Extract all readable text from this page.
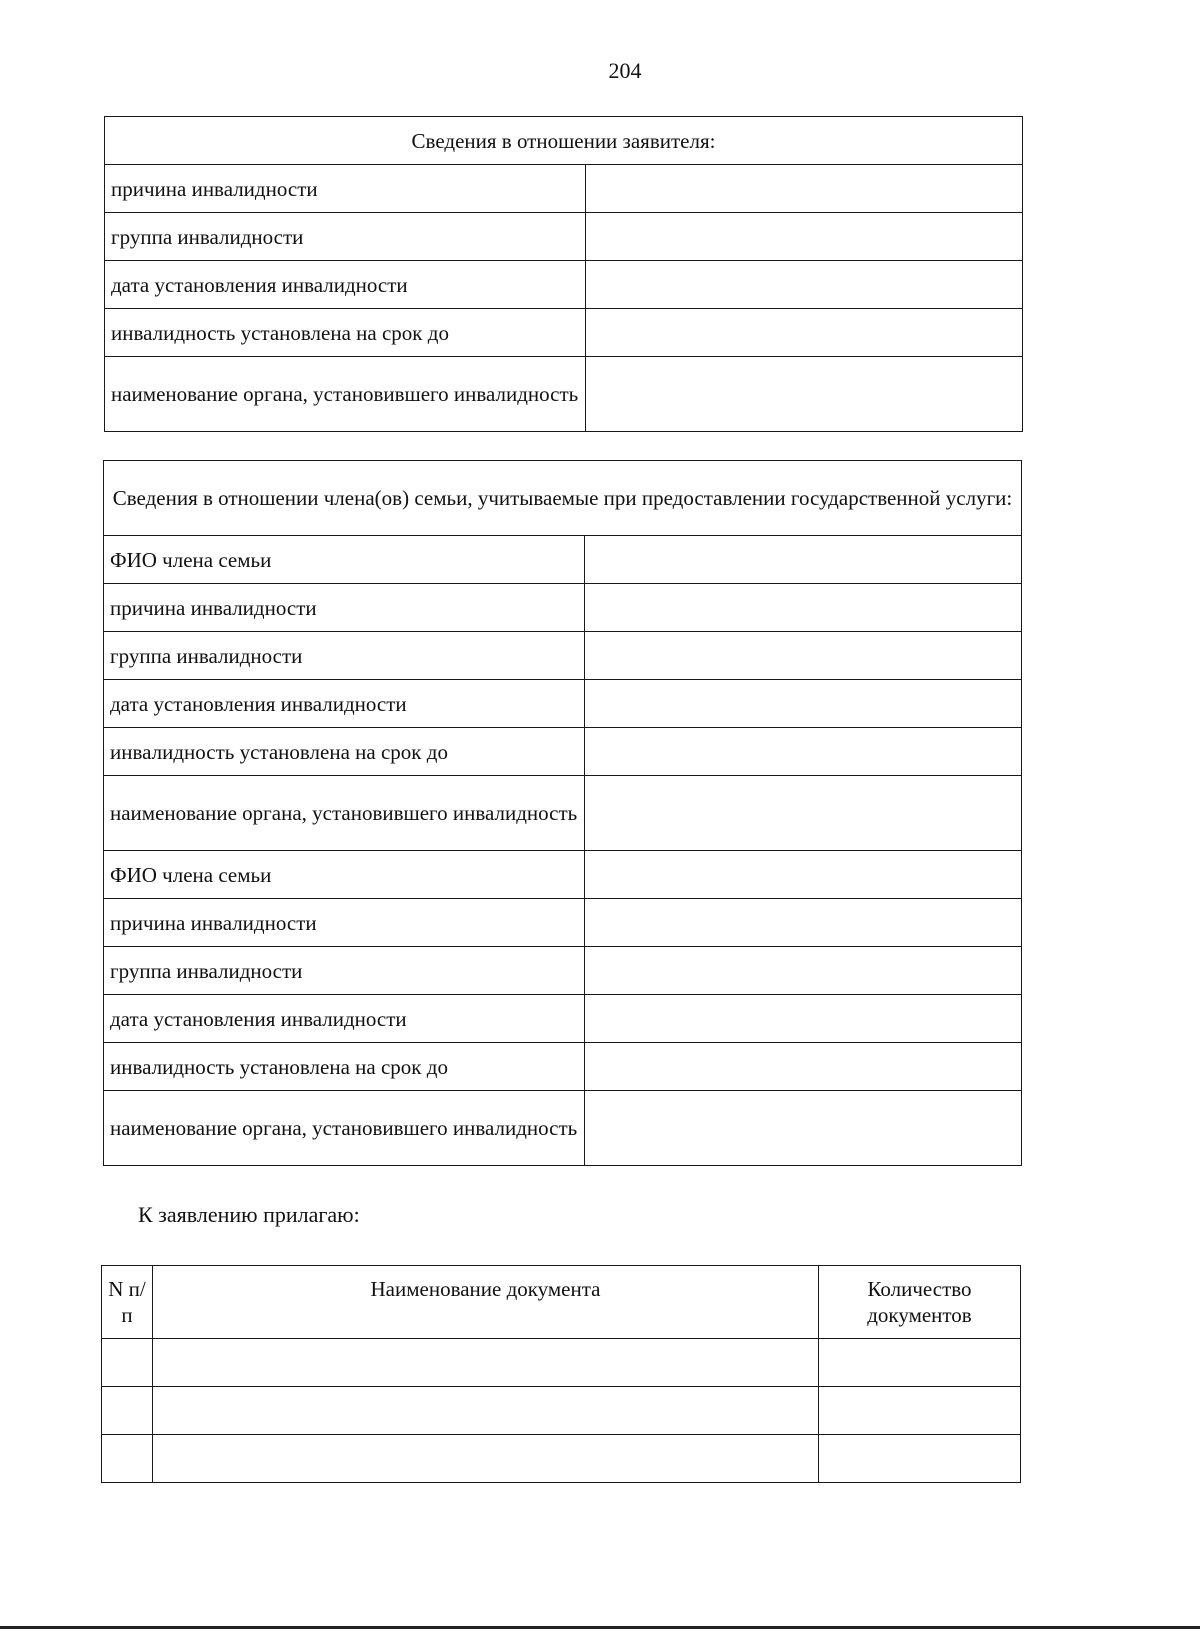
204
Сведения в отношении заявителя:	
причина инвалидности	
группа инвалидности	
дата установления инвалидности	
инвалидность установлена на срок до	
наименование органа, установившего инвалидность	
Сведения в отношении члена(ов) семьи, учитываемые при предоставлении государственной услуги:	
ФИО члена семьи	
причина инвалидности	
группа инвалидности	
дата установления инвалидности	
инвалидность установлена на срок до	
наименование органа, установившего инвалидность	
ФИО члена семьи	
причина инвалидности	
группа инвалидности	
дата установления инвалидности	
инвалидность установлена на срок до	
наименование органа, установившего инвалидность	
К заявлению прилагаю:
N п/п	Наименование документа	Количество документов
